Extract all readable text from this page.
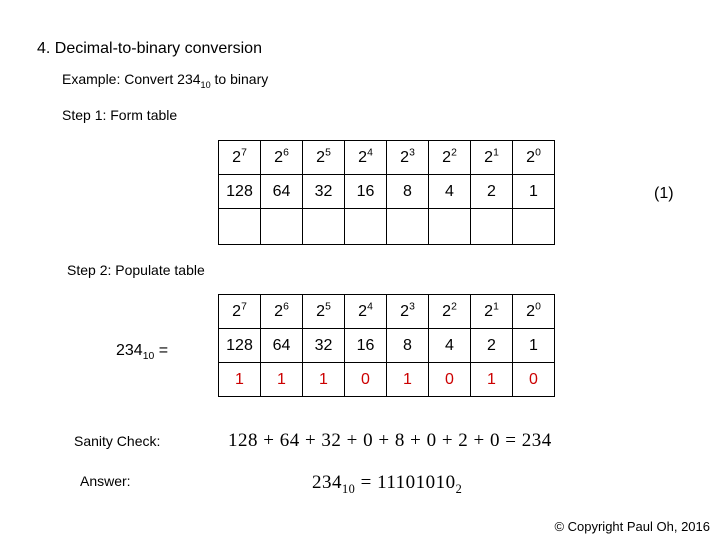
4. Decimal-to-binary conversion
Example: Convert $234_{10}$ to binary
Step 1: Form table
$2^7$	$2^6$	$2^5$	$2^4$	$2^3$	$2^2$	$2^1$	$2^0$
128	64	32	16	8	4	2	1
								(1)
Step 2: Populate table
$234_{10}$ =
$2^7$	$2^6$	$2^5$	$2^4$	$2^3$	$2^2$	$2^1$	$2^0$
128	64	32	16	8	4	2	1
1	1	1	0	1	0	1	0
Sanity Check:	128 + 64 + 32 + 0 + 8 + 0 + 2 + 0 = 234
Answer:	$234_{10} = 11101010_2$
© Copyright Paul Oh, 2016
